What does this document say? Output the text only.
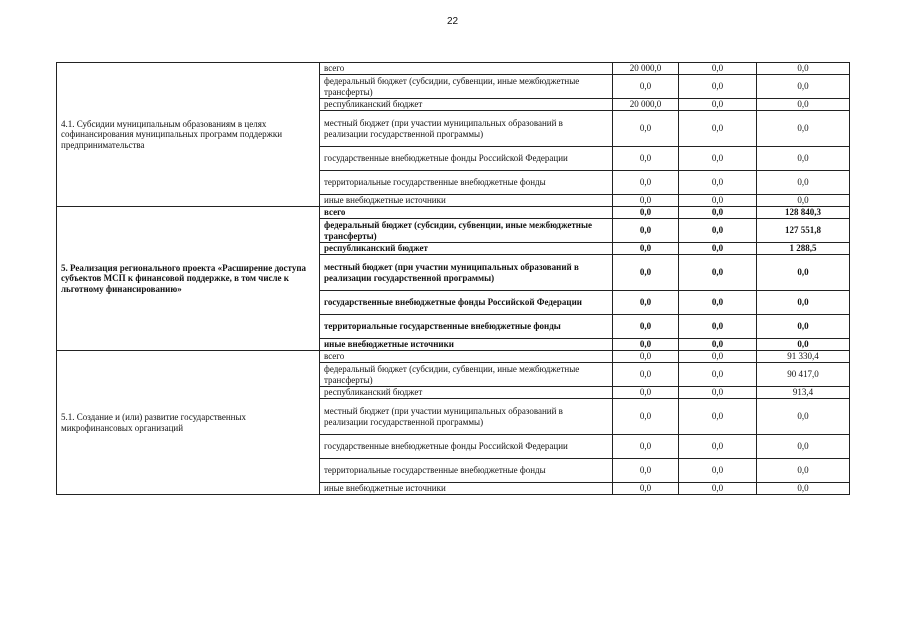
22
4.1. Субсидии муниципальным образованиям в целях софинансирования муниципальных программ поддержки предпринимательства	всего	20 000,0	0,0	0,0
	федеральный бюджет (субсидии, субвенции, иные межбюджетные трансферты)	0,0	0,0	0,0
	республиканский бюджет	20 000,0	0,0	0,0
	местный бюджет (при участии муниципальных образований в реализации государственной программы)	0,0	0,0	0,0
	государственные внебюджетные фонды Российской Федерации	0,0	0,0	0,0
	территориальные государственные внебюджетные фонды	0,0	0,0	0,0
	иные внебюджетные источники	0,0	0,0	0,0
5. Реализация регионального проекта «Расширение доступа субъектов МСП к финансовой поддержке, в том числе к льготному финансированию»	всего	0,0	0,0	128 840,3
	федеральный бюджет (субсидии, субвенции, иные межбюджетные трансферты)	0,0	0,0	127 551,8
	республиканский бюджет	0,0	0,0	1 288,5
	местный бюджет (при участии муниципальных образований в реализации государственной программы)	0,0	0,0	0,0
	государственные внебюджетные фонды Российской Федерации	0,0	0,0	0,0
	территориальные государственные внебюджетные фонды	0,0	0,0	0,0
	иные внебюджетные источники	0,0	0,0	0,0
5.1. Создание и (или) развитие государственных микрофинансовых организаций	всего	0,0	0,0	91 330,4
	федеральный бюджет (субсидии, субвенции, иные межбюджетные трансферты)	0,0	0,0	90 417,0
	республиканский бюджет	0,0	0,0	913,4
	местный бюджет (при участии муниципальных образований в реализации государственной программы)	0,0	0,0	0,0
	государственные внебюджетные фонды Российской Федерации	0,0	0,0	0,0
	территориальные государственные внебюджетные фонды	0,0	0,0	0,0
	иные внебюджетные источники	0,0	0,0	0,0
